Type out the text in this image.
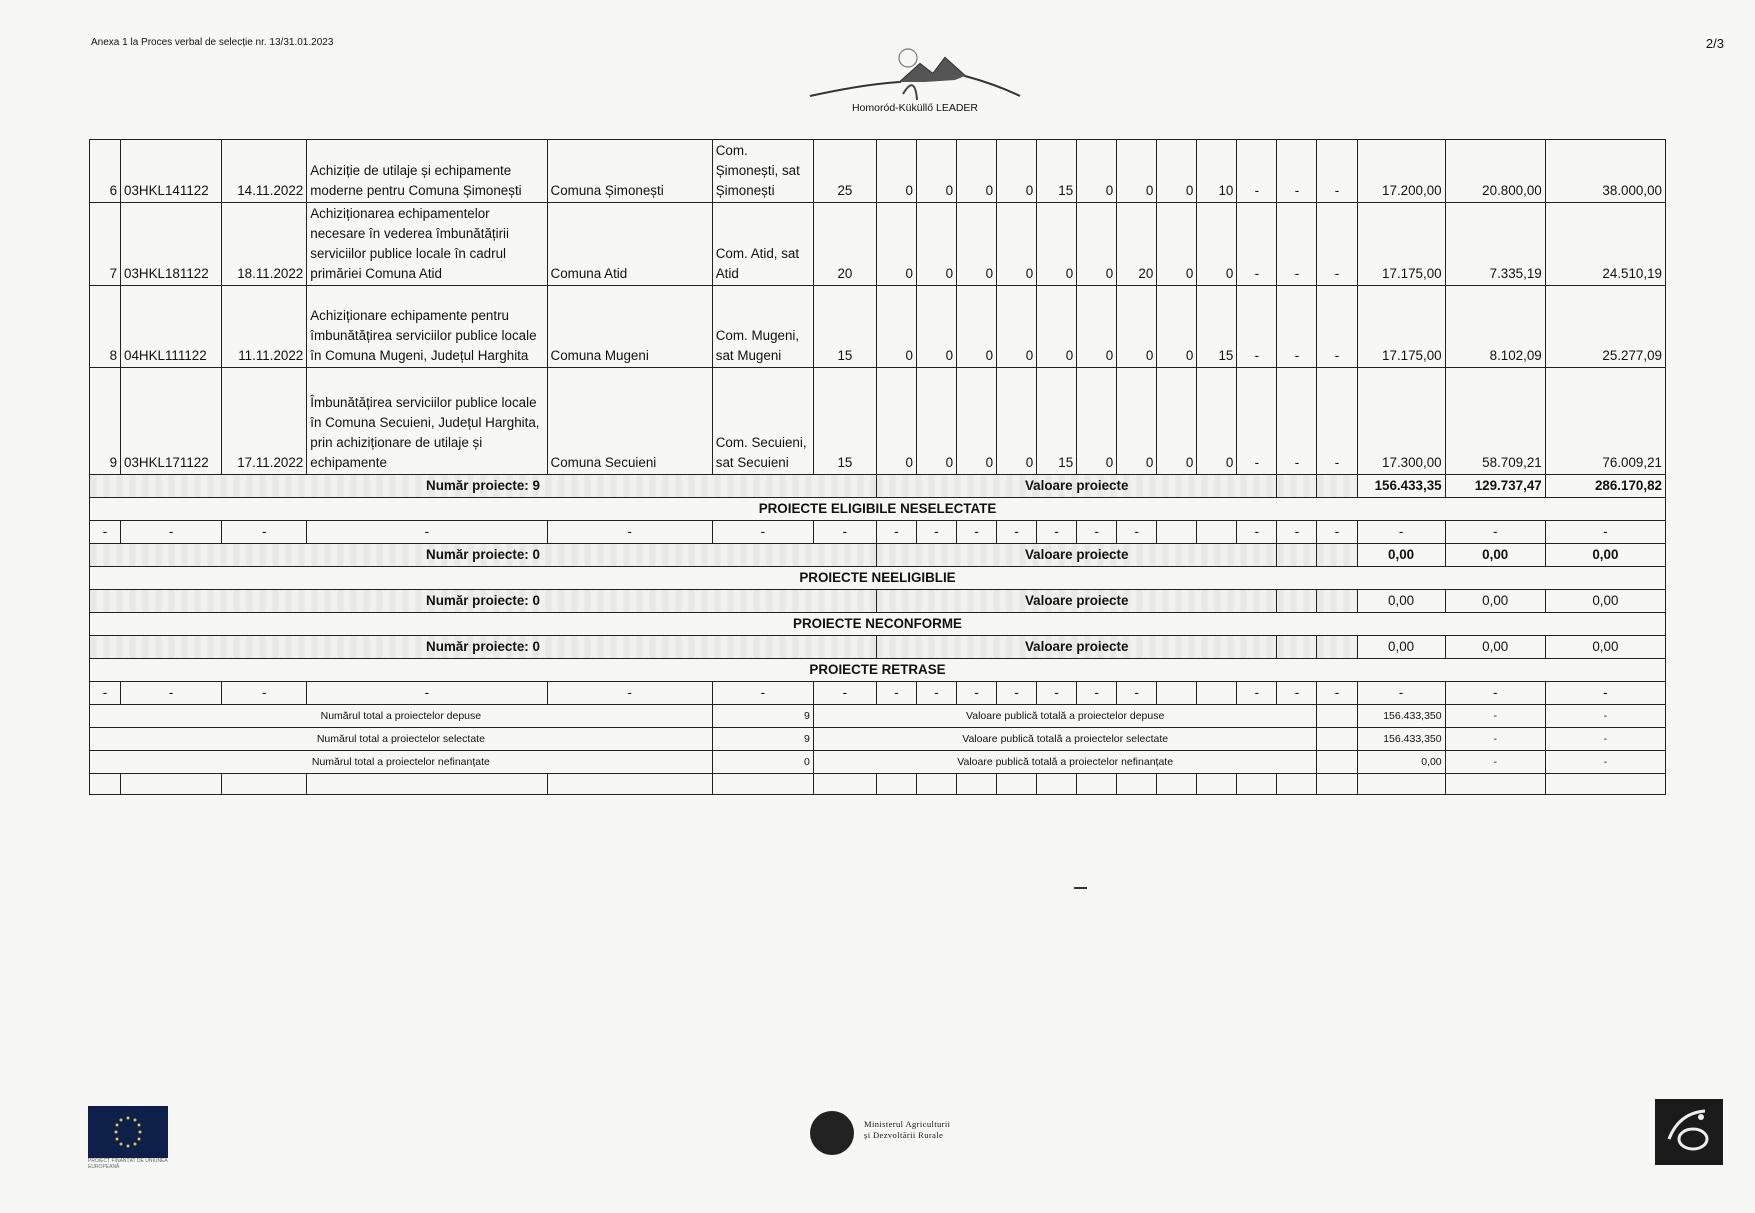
Anexa 1 la Proces verbal de selecție nr. 13/31.01.2023	2/3
Homoród-Küküllő LEADER
6	03HKL141122	14.11.2022	Achiziție de utilaje și echipamente moderne pentru Comuna Șimonești	Comuna Șimonești	Com. Șimonești, sat Șimonești	25	0	0	0	0	15	0	0	0	10	-	-	-	17.200,00	20.800,00	38.000,00
7	03HKL181122	18.11.2022	Achiziționarea echipamentelor necesare în vederea îmbunătățirii serviciilor publice locale în cadrul primăriei Comuna Atid	Comuna Atid	Com. Atid, sat Atid	20	0	0	0	0	0	0	20	0	0	-	-	-	17.175,00	7.335,19	24.510,19
8	04HKL111122	11.11.2022	Achiziționare echipamente pentru îmbunătățirea serviciilor publice locale în Comuna Mugeni, Județul Harghita	Comuna Mugeni	Com. Mugeni, sat Mugeni	15	0	0	0	0	0	0	0	0	15	-	-	-	17.175,00	8.102,09	25.277,09
9	03HKL171122	17.11.2022	Îmbunătățirea serviciilor publice locale în Comuna Secuieni, Județul Harghita, prin achiziționare de utilaje și echipamente	Comuna Secuieni	Com. Secuieni, sat Secuieni	15	0	0	0	0	15	0	0	0	0	-	-	-	17.300,00	58.709,21	76.009,21
Număr proiecte: 9							Valoare proiecte												156.433,35	129.737,47	286.170,82
PROIECTE ELIGIBILE NESELECTATE																					
-	-	-	-	-	-	-	-	-	-	-	-	-	-			-	-	-	-	-	-
Număr proiecte: 0							Valoare proiecte												0,00	0,00	0,00
PROIECTE NEELIGIBLIE																					
Număr proiecte: 0							Valoare proiecte												0,00	0,00	0,00
PROIECTE NECONFORME																					
Număr proiecte: 0							Valoare proiecte												0,00	0,00	0,00
PROIECTE RETRASE																					
-	-	-	-	-	-	-	-	-	-	-	-	-	-			-	-	-	-	-	-
Numărul total a proiectelor depuse					9	Valoare publică totală a proiectelor depuse													156.433,350	-	-
Numărul total a proiectelor selectate					9	Valoare publică totală a proiectelor selectate													156.433,350	-	-
Numărul total a proiectelor nefinanțate					0	Valoare publică totală a proiectelor nefinanțate													0,00	-	-

PROIECT FINANȚAT DE UNIUNEA EUROPEANĂ
Ministerul Agriculturii
și Dezvoltării Rurale
